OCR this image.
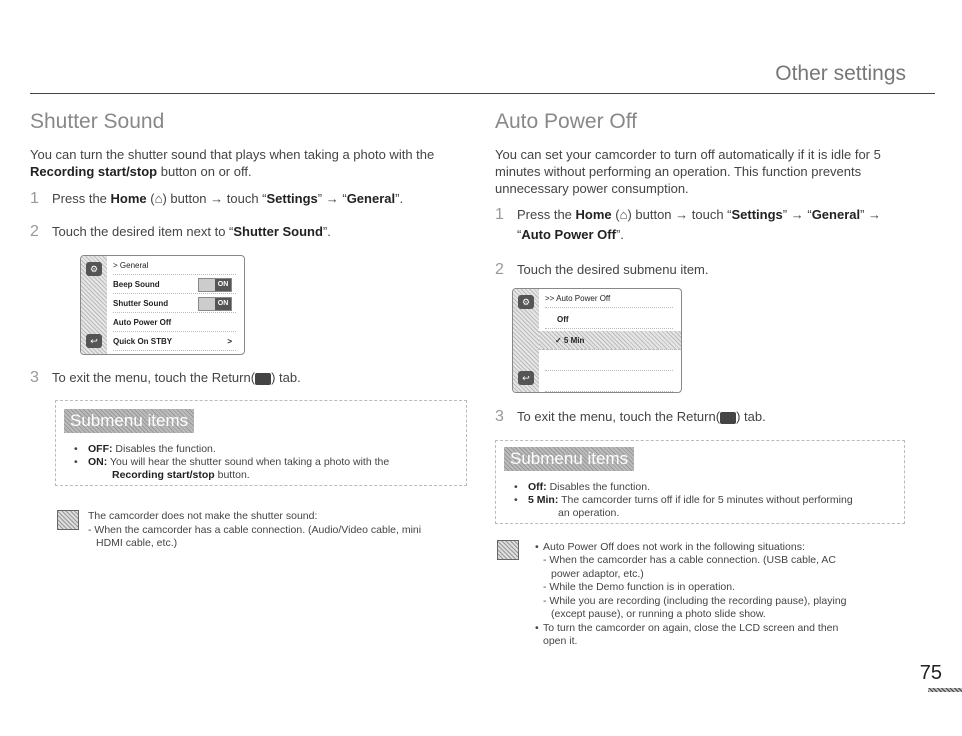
Other settings
Shutter Sound

You can turn the shutter sound that plays when taking a photo with the Recording start/stop button on or off.

1 Press the Home (⌂) button → touch “Settings” → “General”.
2 Touch the desired item next to “Shutter Sound”.
⚙
↩
> General
Beep Sound	ON
Shutter Sound	ON
Auto Power Off
Quick On STBY	>
3 To exit the menu, touch the Return( ) tab.
Submenu items
• OFF: Disables the function.
• ON: You will hear the shutter sound when taking a photo with the
Recording start/stop button.
The camcorder does not make the shutter sound:
- When the camcorder has a cable connection. (Audio/Video cable, mini
HDMI cable, etc.)
Auto Power Off

You can set your camcorder to turn off automatically if it is idle for 5 minutes without performing an operation. This function prevents unnecessary power consumption.

1 Press the Home (⌂) button → touch “Settings” → “General” →
“Auto Power Off”.
2 Touch the desired submenu item.
⚙
↩
>> Auto Power Off
Off
✓ 5 Min
3 To exit the menu, touch the Return( ) tab.
Submenu items
• Off: Disables the function.
• 5 Min: The camcorder turns off if idle for 5 minutes without performing
an operation.
• Auto Power Off does not work in the following situations:
- When the camcorder has a cable connection. (USB cable, AC
power adaptor, etc.)
- While the Demo function is in operation.
- While you are recording (including the recording pause), playing
(except pause), or running a photo slide show.
• To turn the camcorder on again, close the LCD screen and then
open it.
75
